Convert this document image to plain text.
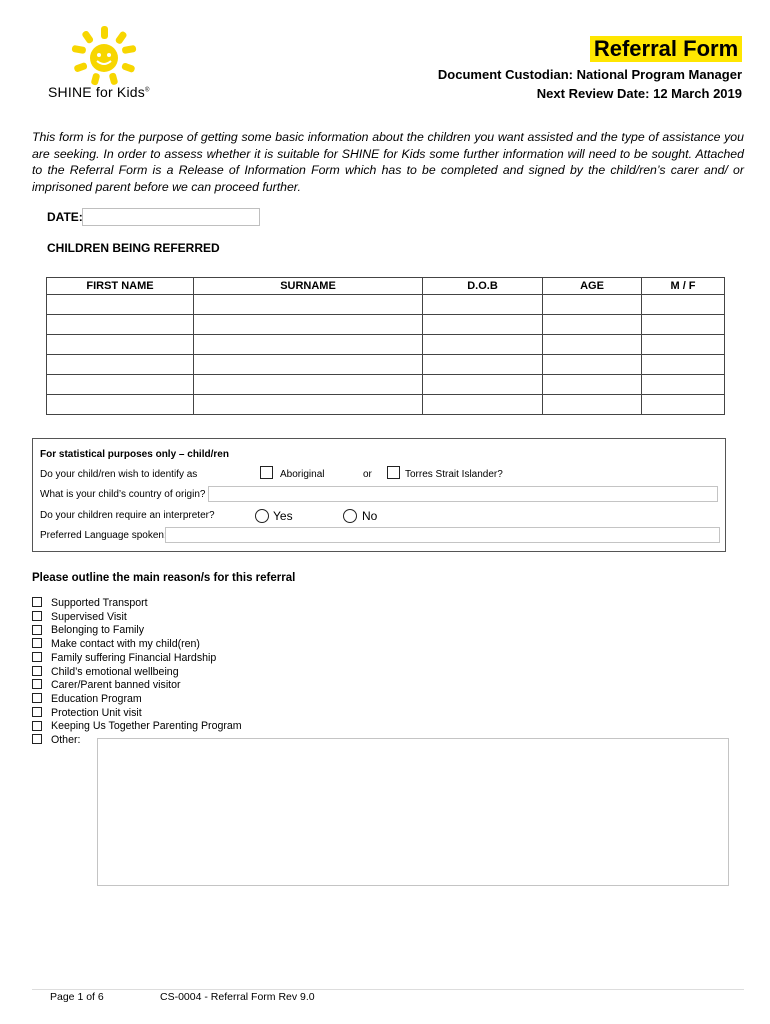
SHINE for Kids®
Referral Form
Document Custodian: National Program Manager
Next Review Date: 12 March 2019
This form is for the purpose of getting some basic information about the children you want assisted and the type of assistance you are seeking. In order to assess whether it is suitable for SHINE for Kids some further information will need to be sought. Attached to the Referral Form is a Release of Information Form which has to be completed and signed by the child/ren’s carer and/ or imprisoned parent before we can proceed further.
DATE:
CHILDREN BEING REFERRED
FIRST NAME	SURNAME	D.O.B	AGE	M / F

For statistical purposes only – child/ren
Do your child/ren wish to identify as	Aboriginal	or	Torres Strait Islander?
What is your child’s country of origin?
Do your children require an interpreter?	Yes	No
Preferred Language spoken:
Please outline the main reason/s for this referral
Supported Transport
Supervised Visit
Belonging to Family
Make contact with my child(ren)
Family suffering Financial Hardship
Child’s emotional wellbeing
Carer/Parent banned visitor
Education Program
Protection Unit visit
Keeping Us Together Parenting Program
Other:
Page 1 of 6	CS-0004 - Referral Form Rev 9.0
